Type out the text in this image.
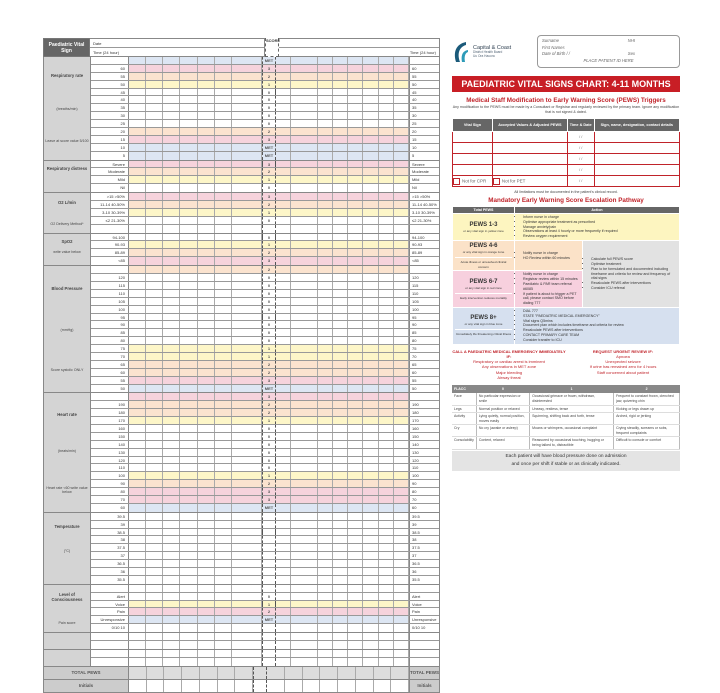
Paediatric Vital Sign
Date
Time (24 hour)
SCORE
Time (24 hour)
Respiratory rate
(breaths/min)
Leave at score value 5/100
MET
60	3	60
55	2	55
50	1	50
45	0	45
40	0	40
35	0	35
30	0	30
25	0	25
20	2	20
15	3	15
10	MET	10
5	MET	5
Respiratory distress
Severe	3	Severe
Moderate	2	Moderate
Mild	1	Mild
Nil	0	Nil
O2 L/min
O2 Delivery Method*
>15 >50%	3	>15 >50%
11-14 40-50%	2	11-14 40-50%
3-10 30-39%	1	3-10 30-39%
≤2 21-30%	0	≤2 21-30%
SpO2
write value below
94-100	0	94-100
90-93	1	90-93
85-89	2	85-89
<85	3	<85
Blood Pressure
(mmHg)
Score systolic ONLY
2
120	0	120
115	0	115
110	0	110
105	0	105
100	0	100
95	0	95
90	0	90
85	0	85
80	0	80
75	1	75
70	1	70
65	2	65
60	2	60
55	3	55
50	MET	50
Heart rate
(beats/min)
Heart rate <60 write value below
3
190	2	190
180	2	180
170	1	170
160	0	160
150	0	150
140	0	140
130	0	130
120	0	120
110	0	110
100	1	100
90	2	90
80	3	80
70	3	70
60	MET	60
Temperature
(°C)
39.5	39.5
39	39
38.5	38.5
38	38
37.5	37.5
37	37
36.5	36.5
36	36
35.5	35.5
Level of Consciousness
Pain score
Alert	0	Alert
Voice	1	Voice
Pain	2	Pain
Unresponsive	MET	Unresponsive
0/10 10	0/10 10
TOTAL PEWS	TOTAL PEWS
Initials	Initials
Capital & Coast
District Health Board
Uu Ora Hauora
Surname	NHI
First Names
Date of Birth / /	Sex
PLACE PATIENT ID HERE
PAEDIATRIC VITAL SIGNS CHART: 4-11 MONTHS
Medical Staff Modification to Early Warning Score (PEWS) Triggers
Any modification to the PEWS must be made by a Consultant or Registrar and regularly reviewed by the primary team. Ignore any modification that is not signed & dated.
Vital Sign	Accepted Values & Adjusted PEWS	Time & Date	Sign, name, designation, contact details
		/ /	
		/ /	
		/ /	
		/ /	
Not for CPR	Not for PET	/ /	
All limitations must be documented in the patient's clinical record.
Mandatory Early Warning Score Escalation Pathway
Total PEWS	Action	

PEWS 1-3
or any vital sign in yellow zone

• Inform nurse in charge
• Optimise appropriate treatment as prescribed
• Manage anxiety/pain
• Observations at least 4 hourly or more frequently if required
• Review oxygen requirement

PEWS 4-6
or any vital sign in orange zone
Acute illness or unresolved clinical concern

• Notify nurse in charge
• HO Review within 60 minutes

•Calculate full PEWS score
• Optimise treatment
• Plan to be formulated and documented including timeframe and criteria for review and frequency of vital signs
• Recalculate PEWS after interventions
• Consider ICU referral

PEWS 6-7
or any vital sign in red zone
Early intervention reduces mortality

• Notify nurse in charge
• Registrar review within 15 minutes
• Paediatric & PAR team referral #6085
• If patient is about to trigger a PET call, please contact SMO before dialing 777

PEWS 8+
or any vital sign in blue zone
Immediately life threatening critical illness

• DIAL 777
• STATE "PAEDIATRIC MEDICAL EMERGENCY"
• Vital signs Q5mins
• Document plan which includes timeframe and criteria for review
• Recalculate PEWS after interventions
• CONTACT PRIMARY CARE TEAM
• Consider transfer to ICU
CALL A PAEDIATRIC MEDICAL EMERGENCY IMMEDIATELY IF:
Respiratory or cardiac arrest is imminent
Any observations in MET zone
Major bleeding
Airway threat
REQUEST URGENT REVIEW IF:
Apnoea
Unexpected seizure
If urine has remained zero for 4 hours
Staff concerned about patient
FLACC	0	1	2
Face	No particular expression or smile	Occasional grimace or frown, withdrawn, disinterested	Frequent to constant frown, clenched jaw, quivering chin
Legs	Normal position or relaxed	Uneasy, restless, tense	Kicking or legs drawn up
Activity	Lying quietly, normal position, moves easily	Squirming, shifting back and forth, tense	Arched, rigid or jerking
Cry	No cry (awake or asleep)	Moans or whimpers, occasional complaint	Crying steadily, screams or sobs, frequent complaints
Consolability	Content, relaxed	Reassured by occasional touching, hugging or being talked to, distractible	Difficult to console or comfort
Each patient will have blood pressure done on admission
and once per shift if stable or as clinically indicated.
